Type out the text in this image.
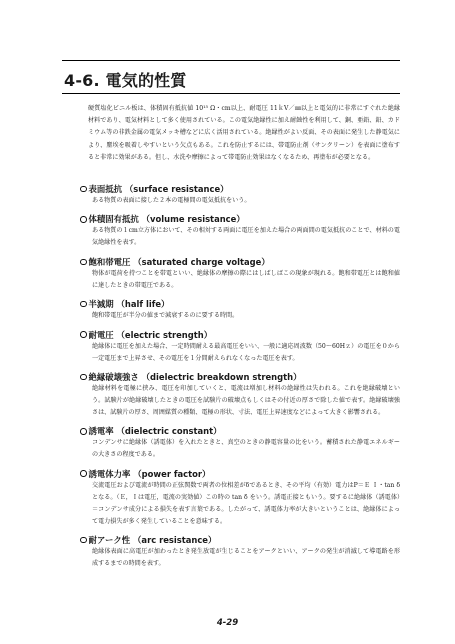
4-6. 電気的性質
硬質塩化ビニル板は、体積固有抵抗値 10¹⁵ Ω・cm以上、耐電圧 11ｋV／㎜以上と電気的に非常にすぐれた絶縁材料であり、電気材料として多く使用されている。この電気絶縁性に加え耐蝕性を利用して、銅、亜鉛、鉛、カドミウム等の非鉄金属の電気メッキ槽などに広く活用されている。絶縁性がよい反面、その表面に発生した静電気により、塵埃を吸着しやすいという欠点もある。これを防止するには、帯電防止剤（サンクリーン）を表面に塗布すると非常に効果がある。但し、水洗や摩擦によって帯電防止効果はなくなるため、再塗布が必要となる。
表面抵抗 （surface resistance）
ある物質の表面に接した２本の電極間の電気抵抗をいう。
体積固有抵抗 （volume resistance）
ある物質の１cm立方体において、その相対する両面に電圧を加えた場合の両面間の電気抵抗のことで、材料の電気絶縁性を表す。
飽和帯電圧 （saturated charge voltage）
物体が電荷を持つことを帯電といい、絶縁体の摩擦の際にはしばしばこの現象が現れる。飽和帯電圧とは飽和値に達したときの帯電圧である。
半減期 （half life）
飽和帯電圧が半分の値まで減衰するのに要する時間。
耐電圧 （electric strength）
絶縁体に電圧を加えた場合、一定時間耐える最高電圧をいい、一般に適応周波数（50～60Hｚ）の電圧を０から一定電圧まで上昇させ、その電圧を１分間耐えられなくなった電圧を表す。
絶縁破壊強さ （dielectric breakdown strength）
絶縁材料を電極に挟み、電圧を印加していくと、電流は増加し材料の絶縁性は失われる。これを絶縁破壊という。試験片が絶縁破壊したときの電圧を試験片の破壊点もしくはその付近の厚さで除した値で表す。絶縁破壊強さは、試験片の厚さ、周囲媒質の種類、電極の形状、寸法、電圧上昇速度などによって大きく影響される。
誘電率 （dielectric constant）
コンデンサに絶縁体（誘電体）を入れたときと、真空のときの静電容量の比をいう。蓄積された静電エネルギーの大きさの程度である。
誘電体力率 （power factor）
交流電圧および電流が時間の正弦関数で両者の位相差がδであるとき、その平均（有効）電力はP＝Ｅ Ｉ・tan δ となる。（Ｅ，Ｉは電圧，電流の実効値）この時の tan δ をいう。誘電正接ともいう。要するに絶縁体（誘電体）＝コンデンサ成分による損失を表す言葉である。したがって、誘電体力率が大きいということは、絶縁体によって電力損失が多く発生していることを意味する。
耐アーク性 （arc resistance）
絶縁体表面に高電圧が加わったとき発生放電が生じることをアークといい、アークの発生が消滅して導電路を形成するまでの時間を表す。
4-29
